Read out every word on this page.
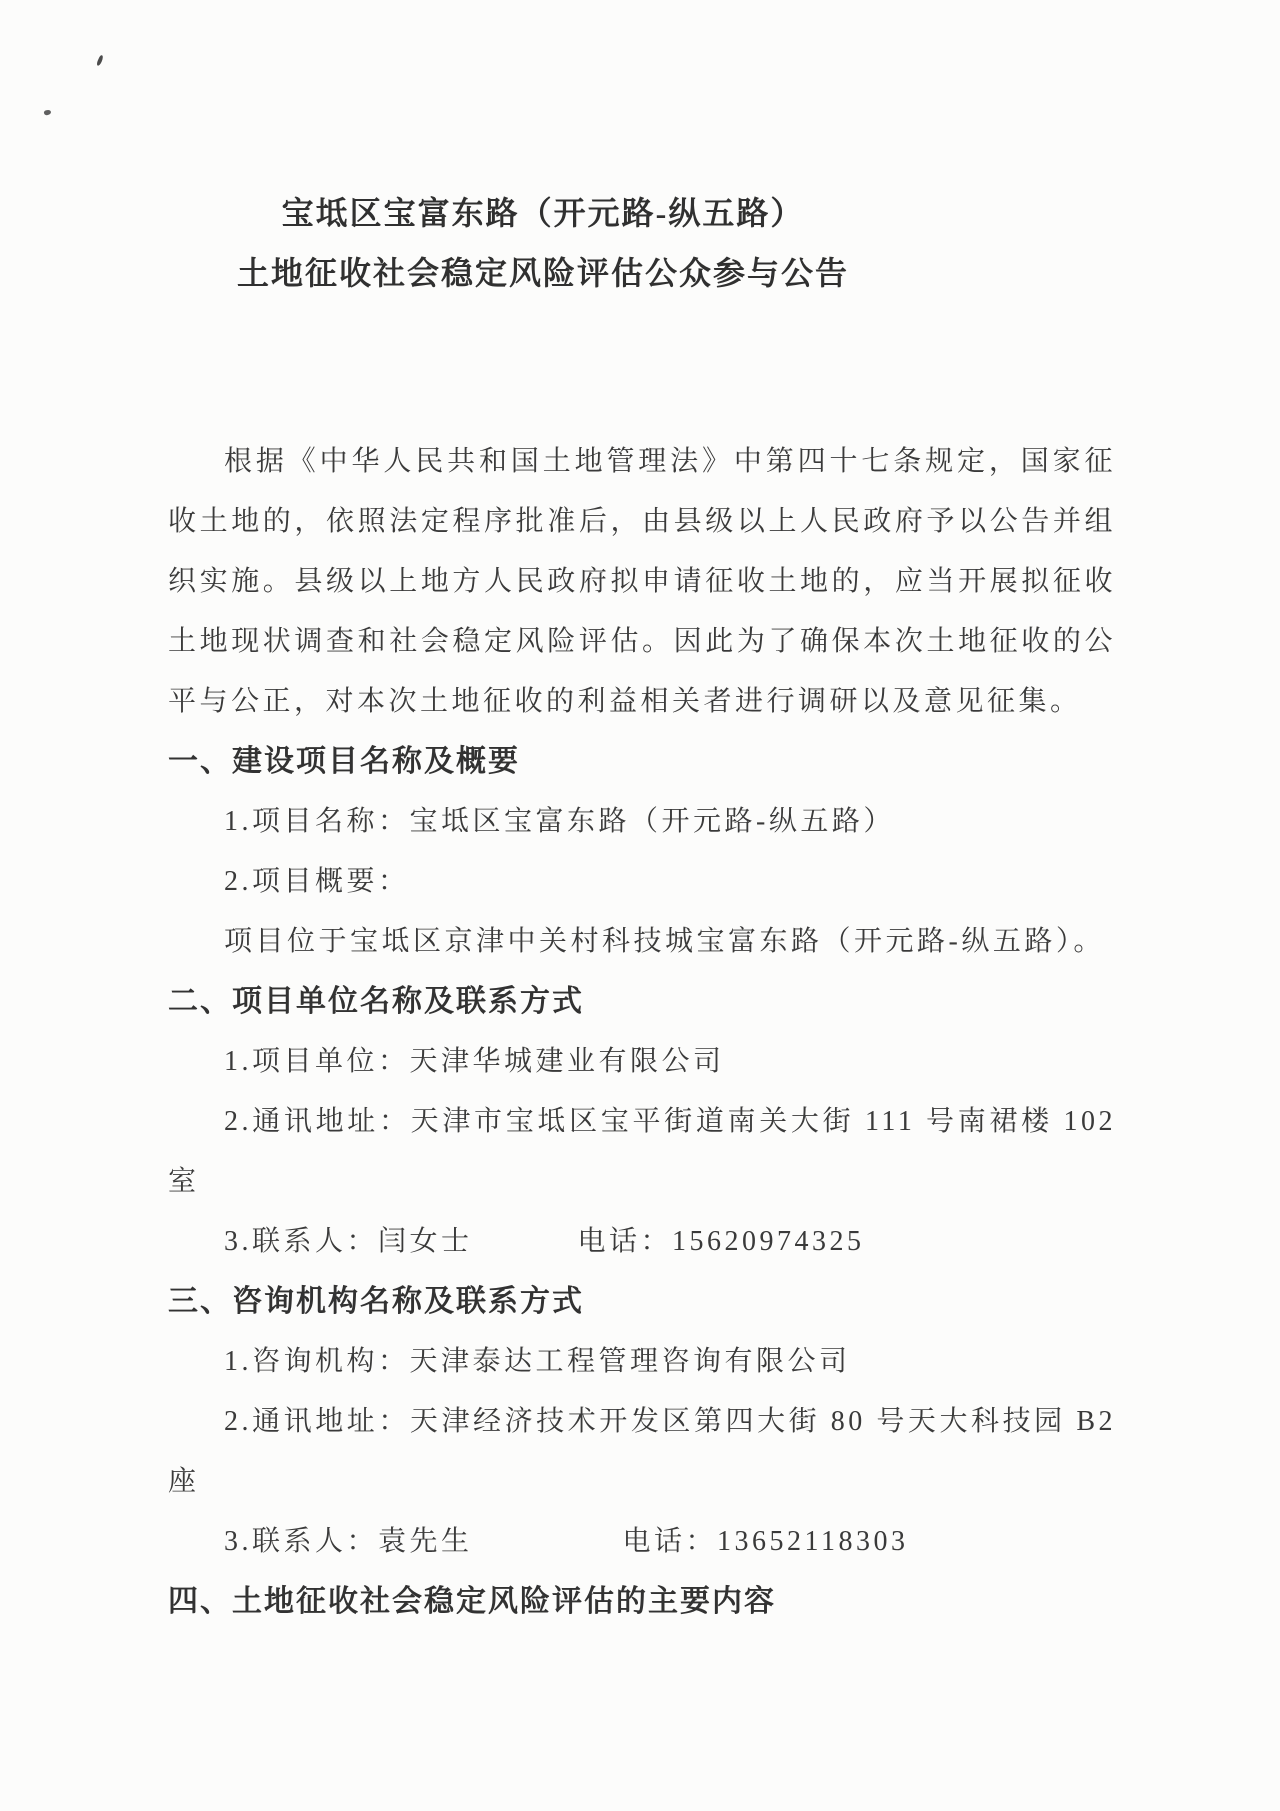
宝坻区宝富东路（开元路-纵五路）
土地征收社会稳定风险评估公众参与公告

根据《中华人民共和国土地管理法》中第四十七条规定，国家征收土地的，依照法定程序批准后，由县级以上人民政府予以公告并组织实施。县级以上地方人民政府拟申请征收土地的，应当开展拟征收土地现状调查和社会稳定风险评估。因此为了确保本次土地征收的公平与公正，对本次土地征收的利益相关者进行调研以及意见征集。

一、建设项目名称及概要

1.项目名称：宝坻区宝富东路（开元路-纵五路）

2.项目概要：

项目位于宝坻区京津中关村科技城宝富东路（开元路-纵五路）。

二、项目单位名称及联系方式

1.项目单位：天津华城建业有限公司

2.通讯地址：天津市宝坻区宝平街道南关大街 111 号南裙楼 102 室

3.联系人：闫女士	电话：15620974325

三、咨询机构名称及联系方式

1.咨询机构：天津泰达工程管理咨询有限公司

2.通讯地址：天津经济技术开发区第四大街 80 号天大科技园 B2 座

3.联系人：袁先生	电话：13652118303

四、土地征收社会稳定风险评估的主要内容
